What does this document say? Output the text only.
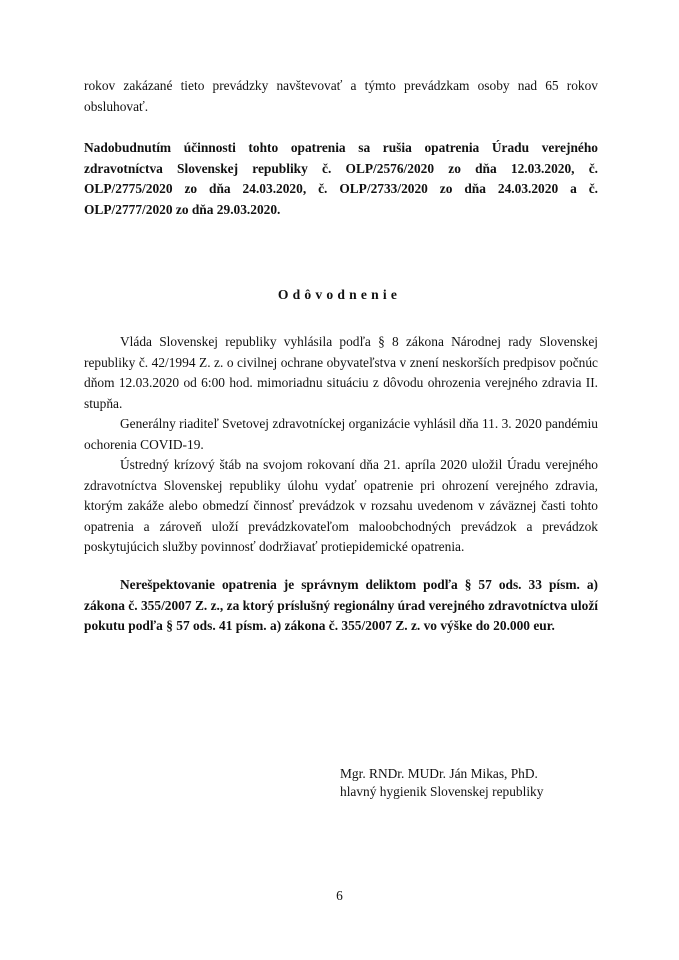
rokov zakázané tieto prevádzky navštevovať a týmto prevádzkam osoby nad 65 rokov obsluhovať.

Nadobudnutím účinnosti tohto opatrenia sa rušia opatrenia Úradu verejného zdravotníctva Slovenskej republiky č. OLP/2576/2020 zo dňa 12.03.2020, č. OLP/2775/2020 zo dňa 24.03.2020, č. OLP/2733/2020 zo dňa 24.03.2020 a č. OLP/2777/2020 zo dňa 29.03.2020.

Odôvodnenie

Vláda Slovenskej republiky vyhlásila podľa § 8 zákona Národnej rady Slovenskej republiky č. 42/1994 Z. z. o civilnej ochrane obyvateľstva v znení neskorších predpisov počnúc dňom 12.03.2020 od 6:00 hod. mimoriadnu situáciu z dôvodu ohrozenia verejného zdravia II. stupňa.

Generálny riaditeľ Svetovej zdravotníckej organizácie vyhlásil dňa 11. 3. 2020 pandémiu ochorenia COVID-19.

Ústredný krízový štáb na svojom rokovaní dňa 21. apríla 2020 uložil Úradu verejného zdravotníctva Slovenskej republiky úlohu vydať opatrenie pri ohrození verejného zdravia, ktorým zakáže alebo obmedzí činnosť prevádzok v rozsahu uvedenom v záväznej časti tohto opatrenia a zároveň uloží prevádzkovateľom maloobchodných prevádzok a prevádzok poskytujúcich služby povinnosť dodržiavať protiepidemické opatrenia.

Nerešpektovanie opatrenia je správnym deliktom podľa § 57 ods. 33 písm. a) zákona č. 355/2007 Z. z., za ktorý príslušný regionálny úrad verejného zdravotníctva uloží pokutu podľa § 57 ods. 41 písm. a) zákona č. 355/2007 Z. z. vo výške do 20.000 eur.

Mgr. RNDr. MUDr. Ján Mikas, PhD.
hlavný hygienik Slovenskej republiky
6
